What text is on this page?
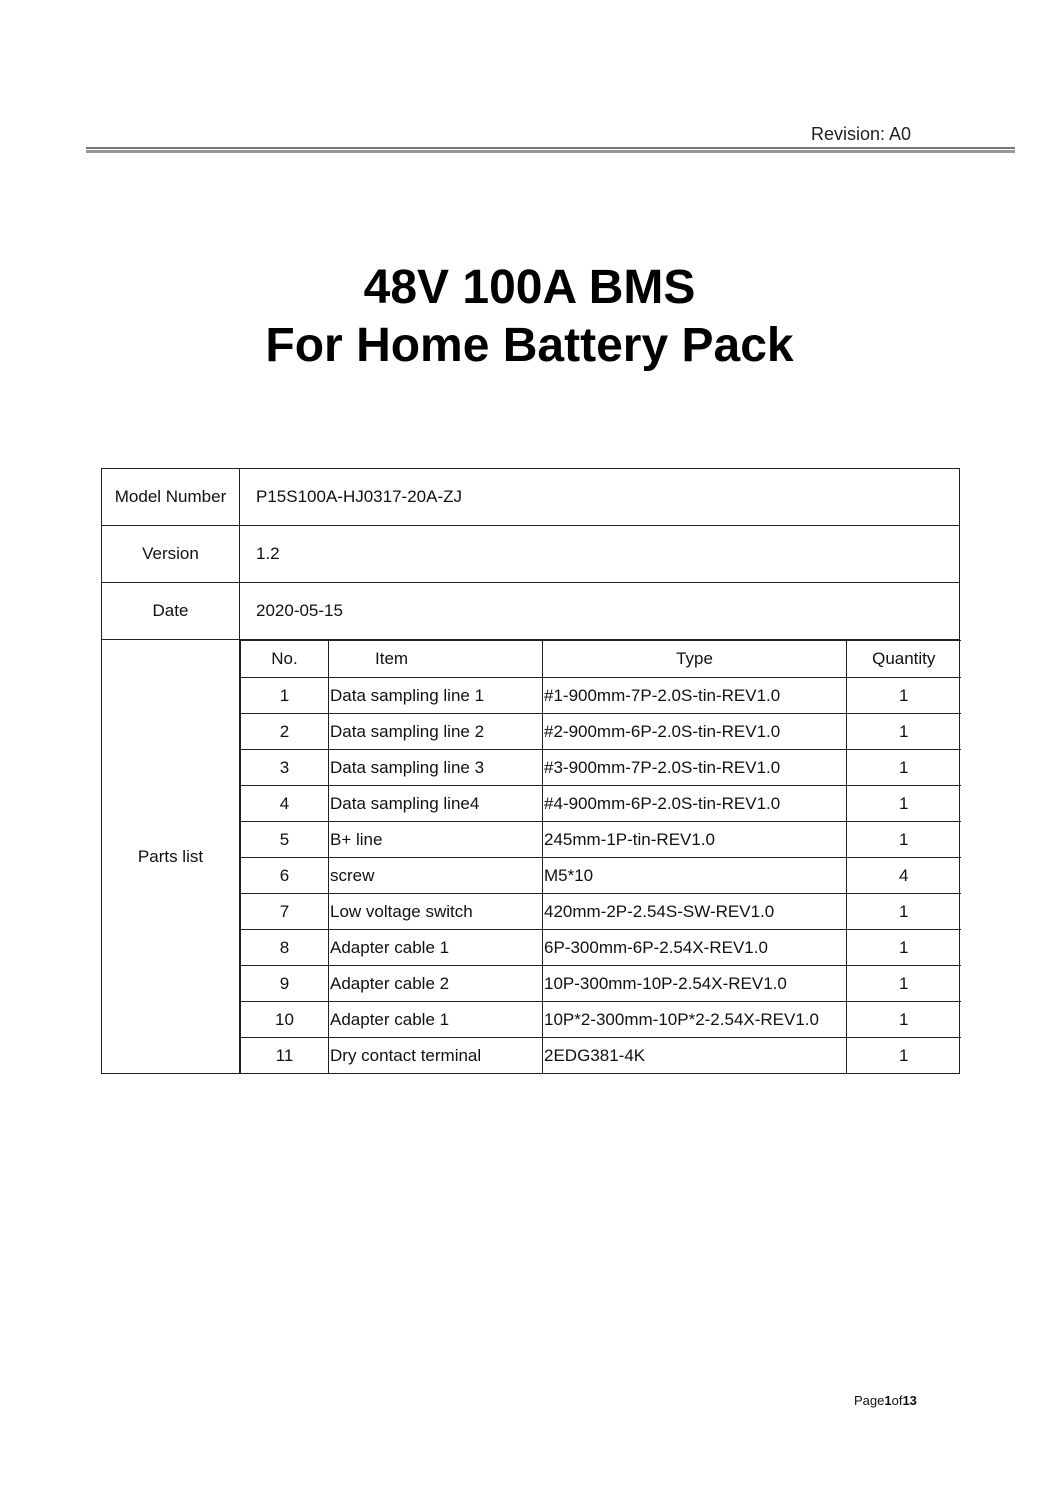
Revision: A0
48V 100A BMS
For Home Battery Pack
Model Number	P15S100A-HJ0317-20A-ZJ
Version	1.2
Date	2020-05-15
Parts list	
No.	Item	Type	Quantity
1	Data sampling line 1	#1-900mm-7P-2.0S-tin-REV1.0	1
2	Data sampling line 2	#2-900mm-6P-2.0S-tin-REV1.0	1
3	Data sampling line 3	#3-900mm-7P-2.0S-tin-REV1.0	1
4	Data sampling line4	#4-900mm-6P-2.0S-tin-REV1.0	1
5	B+ line	245mm-1P-tin-REV1.0	1
6	screw	M5*10	4
7	Low voltage switch	420mm-2P-2.54S-SW-REV1.0	1
8	Adapter cable 1	6P-300mm-6P-2.54X-REV1.0	1
9	Adapter cable 2	10P-300mm-10P-2.54X-REV1.0	1
10	Adapter cable 1	10P*2-300mm-10P*2-2.54X-REV1.0	1
11	Dry contact terminal	2EDG381-4K	1
Page1of13
